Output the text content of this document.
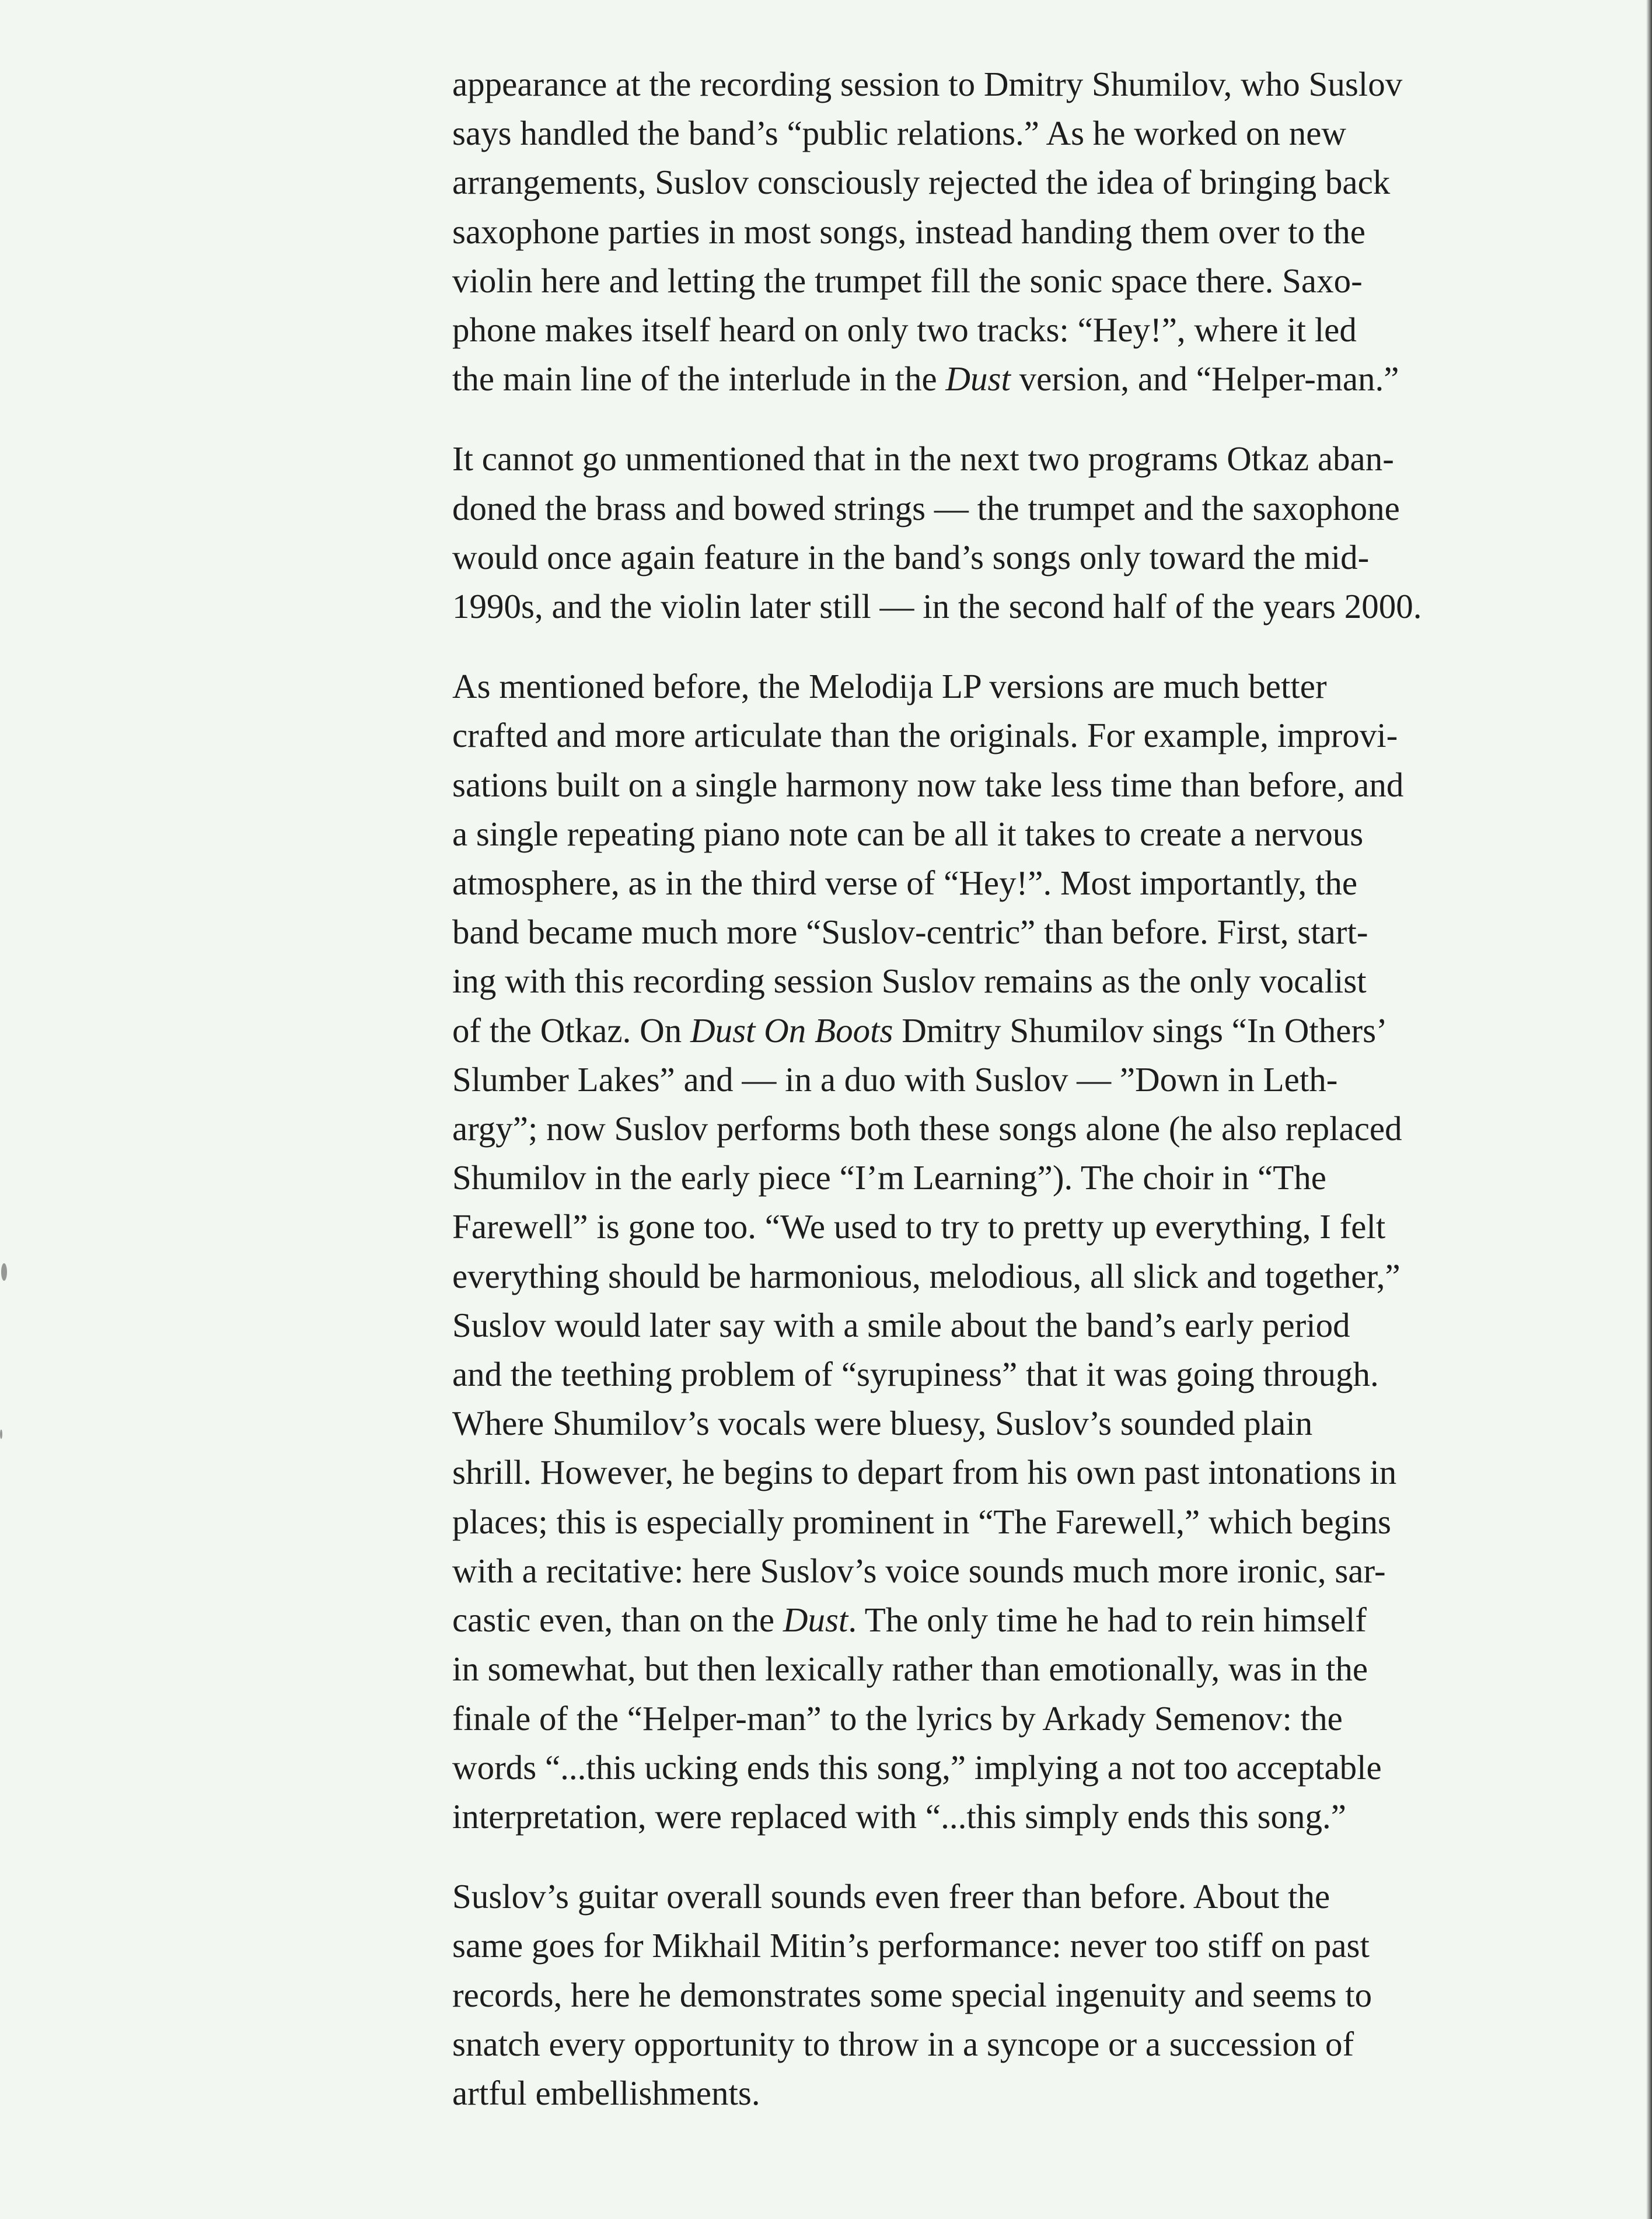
appearance at the recording session to Dmitry Shumilov, who Suslov
says handled the band’s “public relations.” As he worked on new
arrangements, Suslov consciously rejected the idea of bringing back
saxophone parties in most songs, instead handing them over to the
violin here and letting the trumpet fill the sonic space there. Saxo-
phone makes itself heard on only two tracks: “Hey!”, where it led
the main line of the interlude in the Dust version, and “Helper-man.”

It cannot go unmentioned that in the next two programs Otkaz aban-
doned the brass and bowed strings — the trumpet and the saxophone
would once again feature in the band’s songs only toward the mid-
1990s, and the violin later still — in the second half of the years 2000.

As mentioned before, the Melodija LP versions are much better
crafted and more articulate than the originals. For example, improvi-
sations built on a single harmony now take less time than before, and
a single repeating piano note can be all it takes to create a nervous
atmosphere, as in the third verse of “Hey!”. Most importantly, the
band became much more “Suslov-centric” than before. First, start-
ing with this recording session Suslov remains as the only vocalist
of the Otkaz. On Dust On Boots Dmitry Shumilov sings “In Others’
Slumber Lakes” and — in a duo with Suslov — ”Down in Leth-
argy”; now Suslov performs both these songs alone (he also replaced
Shumilov in the early piece “I’m Learning”). The choir in “The
Farewell” is gone too. “We used to try to pretty up everything, I felt
everything should be harmonious, melodious, all slick and together,”
Suslov would later say with a smile about the band’s early period
and the teething problem of “syrupiness” that it was going through.
Where Shumilov’s vocals were bluesy, Suslov’s sounded plain
shrill. However, he begins to depart from his own past intonations in
places; this is especially prominent in “The Farewell,” which begins
with a recitative: here Suslov’s voice sounds much more ironic, sar-
castic even, than on the Dust. The only time he had to rein himself
in somewhat, but then lexically rather than emotionally, was in the
finale of the “Helper-man” to the lyrics by Arkady Semenov: the
words “...this ucking ends this song,” implying a not too acceptable
interpretation, were replaced with “...this simply ends this song.”

Suslov’s guitar overall sounds even freer than before. About the
same goes for Mikhail Mitin’s performance: never too stiff on past
records, here he demonstrates some special ingenuity and seems to
snatch every opportunity to throw in a syncope or a succession of
artful embellishments.
